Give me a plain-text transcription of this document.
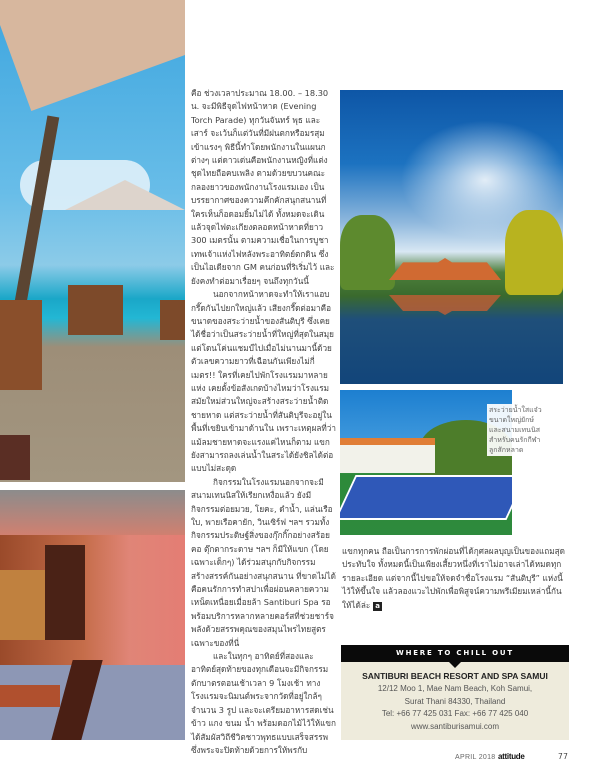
สระว่ายน้ำใสแจ๋วขนาดใหญ่ยักษ์ และสนามเทนนิสสำหรับคนรักกีฬาลูกสักหลาด

คือ ช่วงเวลาประมาณ 18.00. – 18.30 น. จะมีพิธีจุดไฟหน้าหาด (Evening Torch Parade) ทุกวันจันทร์ พุธ และเสาร์ จะเว้นก็แต่วันที่มีฝนตกหรือมรสุมเข้าแรงๆ พิธีนี้ทำโดยพนักงานในแผนกต่างๆ แต่ดาวเด่นคือพนักงานหญิงที่แต่งชุดไทยถือคบเพลิง ตามด้วยขบวนคณะกลองยาวของพนักงานโรงแรมเอง เป็นบรรยากาศของความคึกคักสนุกสนานที่ใครเห็นก็อดอมยิ้มไม่ได้ ทั้งหมดจะเดินแล้วจุดไฟตะเกียงตลอดหน้าหาดที่ยาว 300 เมตรนั้น ตามความเชื่อในการบูชาเทพเจ้าแห่งไฟหลังพระอาทิตย์ตกดิน ซึ่งเป็นไอเดียจาก GM คนก่อนที่ริเริ่มไว้ และยังคงทำต่อมาเรื่อยๆ จนถึงทุกวันนี้

นอกจากหน้าหาดจะทำให้เราแอบกรี๊ดกันไปยกใหญ่แล้ว เสียงกรี๊ดต่อมาคือขนาดของสระว่ายน้ำของสันติบุรี ซึ่งเคยได้ชื่อว่าเป็นสระว่ายน้ำที่ใหญ่ที่สุดในสมุย แต่โดนโค่นแชมป์ไปเมื่อไม่นานมานี้ด้วยตัวเลขความยาวที่เฉือนกันเพียงไม่กี่เมตร!! ใครที่เคยไปพักโรงแรมมาหลายแห่ง เคยตั้งข้อสังเกตบ้างไหมว่าโรงแรมสมัยใหม่ส่วนใหญ่จะสร้างสระว่ายน้ำติดชายหาด แต่สระว่ายน้ำที่สันติบุรีจะอยู่ในพื้นที่เขยิบเข้ามาด้านใน เพราะเหตุผลที่ว่า แม้ลมชายหาดจะแรงแค่ไหนก็ตาม แขกยังสามารถลงเล่นน้ำในสระได้ยังชิลได้ต่อแบบไม่สะดุด

กิจกรรมในโรงแรมนอกจากจะมีสนามเทนนิสให้เรียกเหงื่อแล้ว ยังมีกิจกรรมต่อยมวย, โยคะ, ดำน้ำ, แล่นเรือใบ, พายเรือคายัก, วินเซิร์ฟ ฯลฯ รวมทั้งกิจกรรมประดิษฐ์สิ่งของกุ๊กกิ๊กอย่างสร้อยคอ ตุ๊กตากระดาษ ฯลฯ ก็มีให้แขก (โดยเฉพาะเด็กๆ) ได้ร่วมสนุกกับกิจกรรมสร้างสรรค์กันอย่างสนุกสนาน ที่ขาดไม่ได้คือคนรักการทำสปาเพื่อผ่อนคลายความเหน็ดเหนื่อยเมื่อยล้า Santiburi Spa รอพร้อมบริการหลากหลายคอร์สที่ช่วยชาร์จพลังด้วยสรรพคุณของสมุนไพรไทยสูตรเฉพาะของที่นี่

และในทุกๆ อาทิตย์ที่สองและอาทิตย์สุดท้ายของทุกเดือนจะมีกิจกรรมตักบาตรตอนเช้าเวลา 9 โมงเช้า ทางโรงแรมจะนิมนต์พระจากวัดที่อยู่ใกล้ๆ จำนวน 3 รูป และจะเตรียมอาหารสดเช่น ข้าว แกง ขนม น้ำ พร้อมดอกไม้ไว้ให้แขกได้สัมผัสวิถีชีวิตชาวพุทธแบบเสร็จสรรพ ซึ่งพระจะปิดท้ายด้วยการให้พรกับ

แขกทุกคน ถือเป็นการการพักผ่อนที่ได้กุศลผลบุญเป็นของแถมสุดประทับใจ ทั้งหมดนี้เป็นเพียงเสี้ยวหนึ่งที่เราไม่อาจเล่าได้หมดทุกรายละเอียด แต่จากนี้ไปขอให้จดจำชื่อโรงแรม “สันติบุรี” แห่งนี้ไว้ให้ขึ้นใจ แล้วลองแวะไปพักเพื่อพิสูจน์ความพรีเมียมเหล่านี้กันให้ได้ล่ะ a
WHERE TO CHILL OUT
SANTIBURI BEACH RESORT AND SPA SAMUI
12/12 Moo 1, Mae Nam Beach, Koh Samui,
Surat Thani 84330, Thailand
Tel: +66 77 425 031 Fax: +66 77 425 040
www.santiburisamui.com
APRIL 2018 attitude	77
